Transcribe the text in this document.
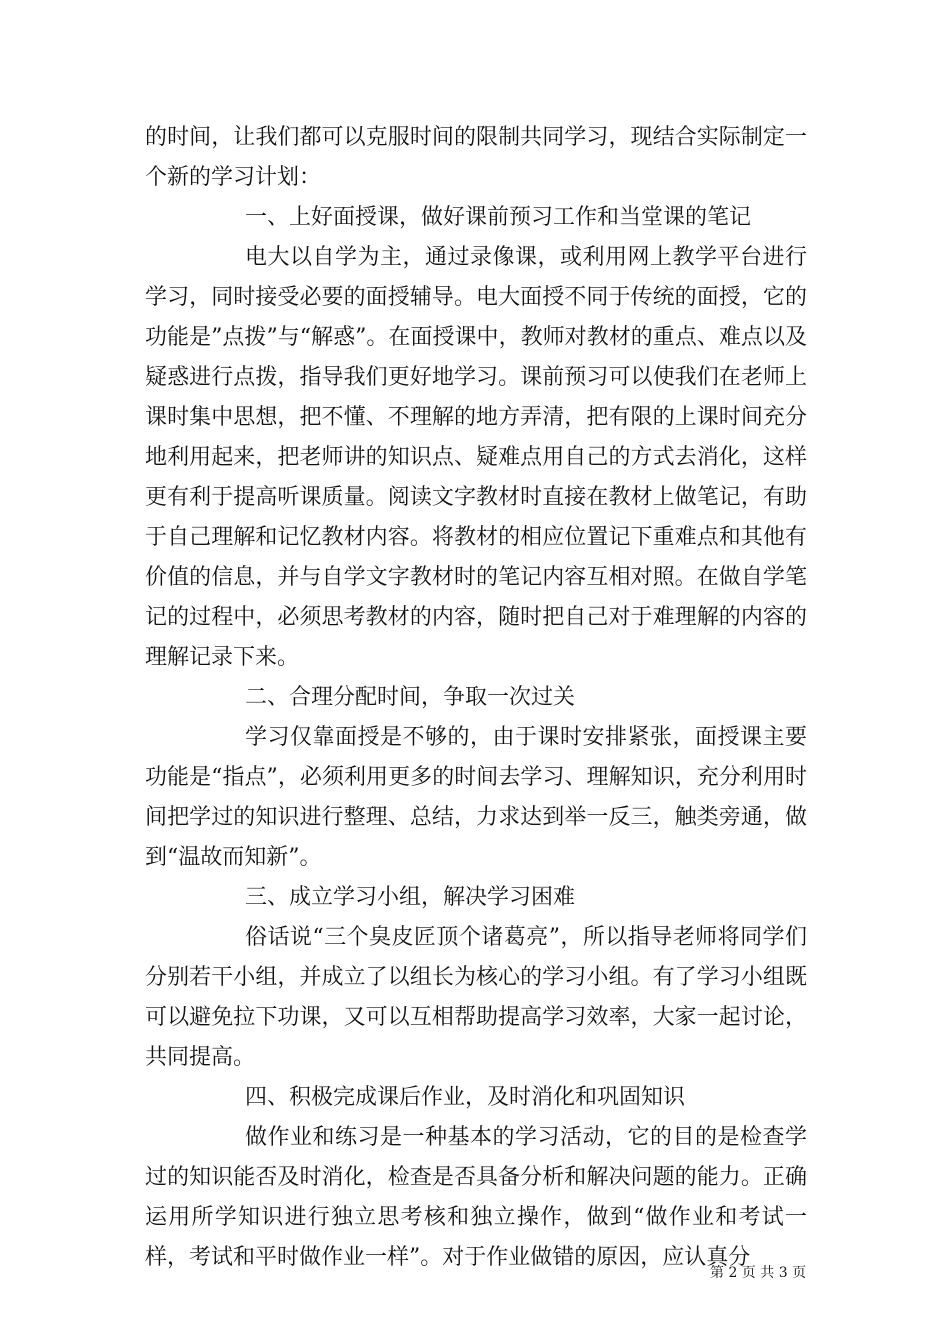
的时间，让我们都可以克服时间的限制共同学习，现结合实际制定一个新的学习计划：

一、上好面授课，做好课前预习工作和当堂课的笔记

电大以自学为主，通过录像课，或利用网上教学平台进行学习，同时接受必要的面授辅导。电大面授不同于传统的面授，它的功能是”点拨”与“解惑”。在面授课中，教师对教材的重点、难点以及疑惑进行点拨，指导我们更好地学习。课前预习可以使我们在老师上课时集中思想，把不懂、不理解的地方弄清，把有限的上课时间充分地利用起来，把老师讲的知识点、疑难点用自己的方式去消化，这样更有利于提高听课质量。阅读文字教材时直接在教材上做笔记，有助于自己理解和记忆教材内容。将教材的相应位置记下重难点和其他有价值的信息，并与自学文字教材时的笔记内容互相对照。在做自学笔记的过程中，必须思考教材的内容，随时把自己对于难理解的内容的理解记录下来。

二、合理分配时间，争取一次过关

学习仅靠面授是不够的，由于课时安排紧张，面授课主要功能是“指点”，必须利用更多的时间去学习、理解知识，充分利用时间把学过的知识进行整理、总结，力求达到举一反三，触类旁通，做到“温故而知新”。

三、成立学习小组，解决学习困难

俗话说“三个臭皮匠顶个诸葛亮”，所以指导老师将同学们分别若干小组，并成立了以组长为核心的学习小组。有了学习小组既可以避免拉下功课，又可以互相帮助提高学习效率，大家一起讨论，共同提高。

四、积极完成课后作业，及时消化和巩固知识

做作业和练习是一种基本的学习活动，它的目的是检查学过的知识能否及时消化，检查是否具备分析和解决问题的能力。正确运用所学知识进行独立思考核和独立操作，做到“做作业和考试一样，考试和平时做作业一样”。对于作业做错的原因，应认真分

第 2 页 共 3 页
